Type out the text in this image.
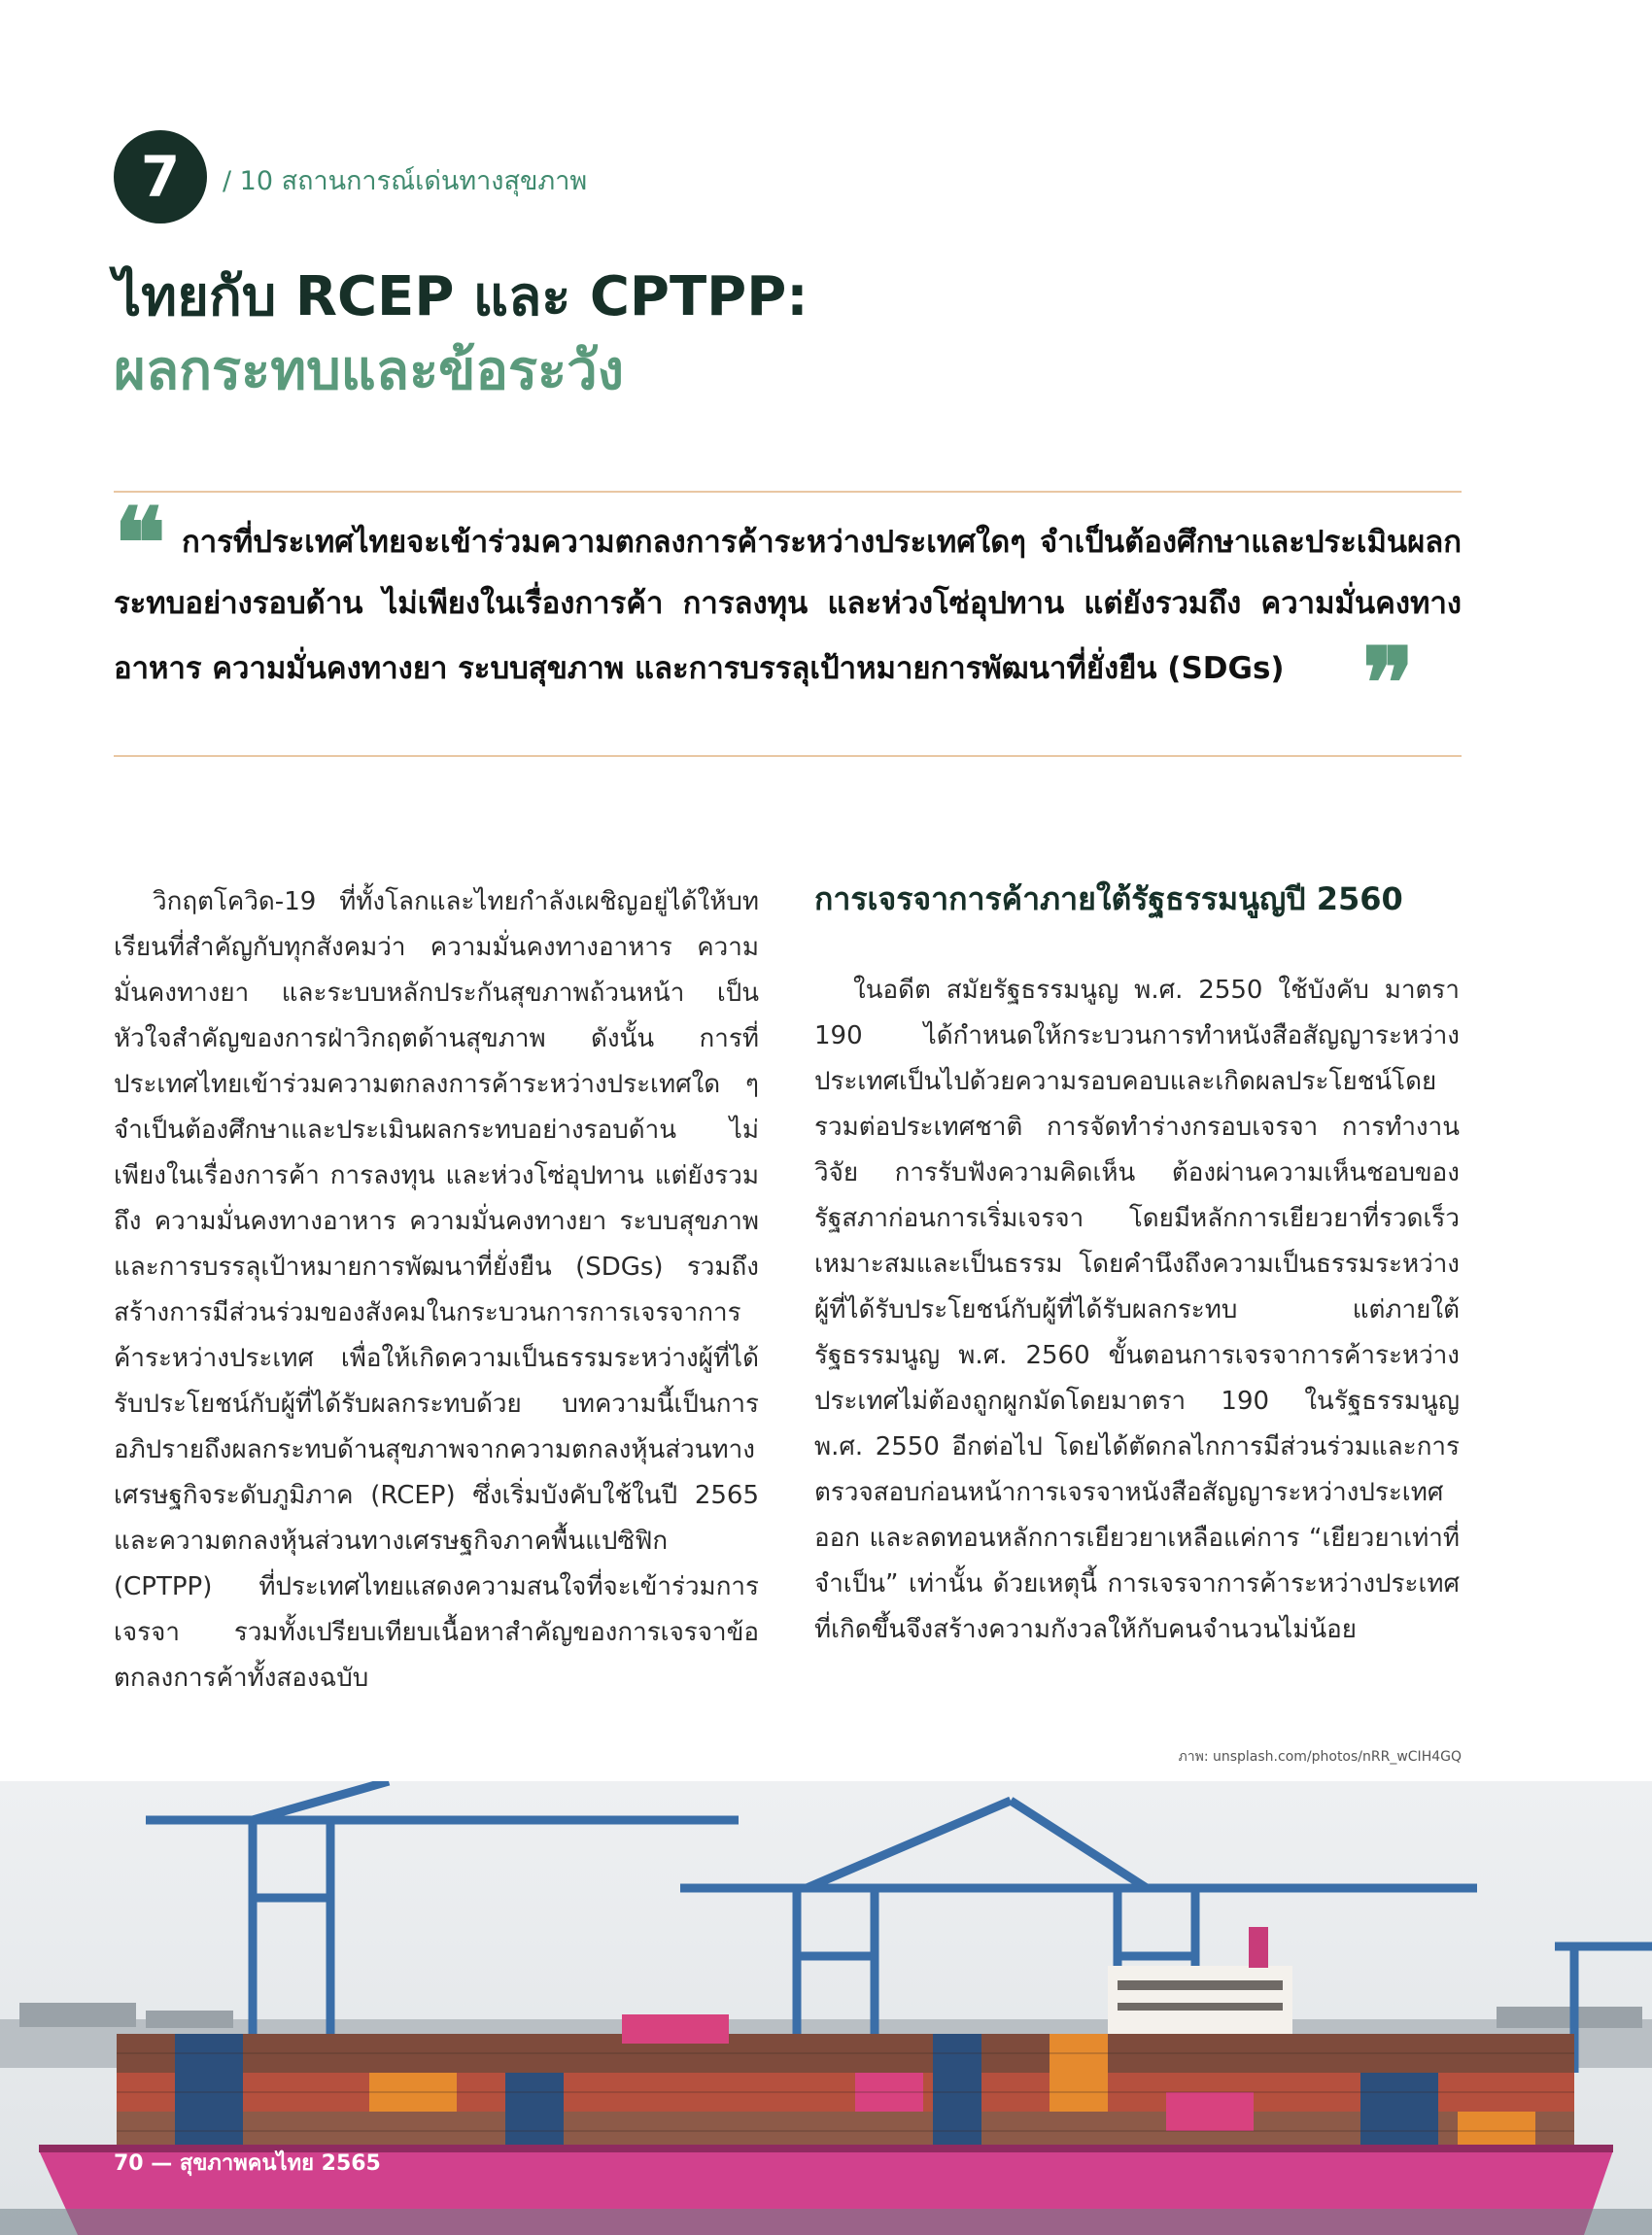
7 / 10 สถานการณ์เด่นทางสุขภาพ
ไทยกับ RCEP และ CPTPP:
ผลกระทบและข้อระวัง
❝ การที่ประเทศไทยจะเข้าร่วมความตกลงการค้าระหว่างประเทศใดๆ จำเป็นต้องศึกษาและประเมินผลกระทบอย่างรอบด้าน ไม่เพียงในเรื่องการค้า การลงทุน และห่วงโซ่อุปทาน แต่ยังรวมถึง ความมั่นคงทางอาหาร ความมั่นคงทางยา ระบบสุขภาพ และการบรรลุเป้าหมายการพัฒนาที่ยั่งยืน (SDGs) ❞
วิกฤตโควิด-19 ที่ทั้งโลกและไทยกำลังเผชิญอยู่ได้ให้บทเรียนที่สำคัญกับทุกสังคมว่า ความมั่นคงทางอาหาร ความมั่นคงทางยา และระบบหลักประกันสุขภาพถ้วนหน้า เป็นหัวใจสำคัญของการฝ่าวิกฤตด้านสุขภาพ ดังนั้น การที่ประเทศไทยเข้าร่วมความตกลงการค้าระหว่างประเทศใด ๆ จำเป็นต้องศึกษาและประเมินผลกระทบอย่างรอบด้าน ไม่เพียงในเรื่องการค้า การลงทุน และห่วงโซ่อุปทาน แต่ยังรวมถึง ความมั่นคงทางอาหาร ความมั่นคงทางยา ระบบสุขภาพ และการบรรลุเป้าหมายการพัฒนาที่ยั่งยืน (SDGs) รวมถึงสร้างการมีส่วนร่วมของสังคมในกระบวนการการเจรจาการค้าระหว่างประเทศ เพื่อให้เกิดความเป็นธรรมระหว่างผู้ที่ได้รับประโยชน์กับผู้ที่ได้รับผลกระทบด้วย บทความนี้เป็นการอภิปรายถึงผลกระทบด้านสุขภาพจากความตกลงหุ้นส่วนทางเศรษฐกิจระดับภูมิภาค (RCEP) ซึ่งเริ่มบังคับใช้ในปี 2565 และความตกลงหุ้นส่วนทางเศรษฐกิจภาคพื้นแปซิฟิก (CPTPP) ที่ประเทศไทยแสดงความสนใจที่จะเข้าร่วมการเจรจา รวมทั้งเปรียบเทียบเนื้อหาสำคัญของการเจรจาข้อตกลงการค้าทั้งสองฉบับ
การเจรจาการค้าภายใต้รัฐธรรมนูญปี 2560

ในอดีต สมัยรัฐธรรมนูญ พ.ศ. 2550 ใช้บังคับ มาตรา 190 ได้กำหนดให้กระบวนการทำหนังสือสัญญาระหว่างประเทศเป็นไปด้วยความรอบคอบและเกิดผลประโยชน์โดยรวมต่อประเทศชาติ การจัดทำร่างกรอบเจรจา การทำงานวิจัย การรับฟังความคิดเห็น ต้องผ่านความเห็นชอบของรัฐสภาก่อนการเริ่มเจรจา โดยมีหลักการเยียวยาที่รวดเร็ว เหมาะสมและเป็นธรรม โดยคำนึงถึงความเป็นธรรมระหว่างผู้ที่ได้รับประโยชน์กับผู้ที่ได้รับผลกระทบ แต่ภายใต้รัฐธรรมนูญ พ.ศ. 2560 ขั้นตอนการเจรจาการค้าระหว่างประเทศไม่ต้องถูกผูกมัดโดยมาตรา 190 ในรัฐธรรมนูญ พ.ศ. 2550 อีกต่อไป โดยได้ตัดกลไกการมีส่วนร่วมและการตรวจสอบก่อนหน้าการเจรจาหนังสือสัญญาระหว่างประเทศออก และลดทอนหลักการเยียวยาเหลือแค่การ “เยียวยาเท่าที่จำเป็น” เท่านั้น ด้วยเหตุนี้ การเจรจาการค้าระหว่างประเทศที่เกิดขึ้นจึงสร้างความกังวลให้กับคนจำนวนไม่น้อย

ภาพ: unsplash.com/photos/nRR_wCIH4GQ
70 — สุขภาพคนไทย 2565
